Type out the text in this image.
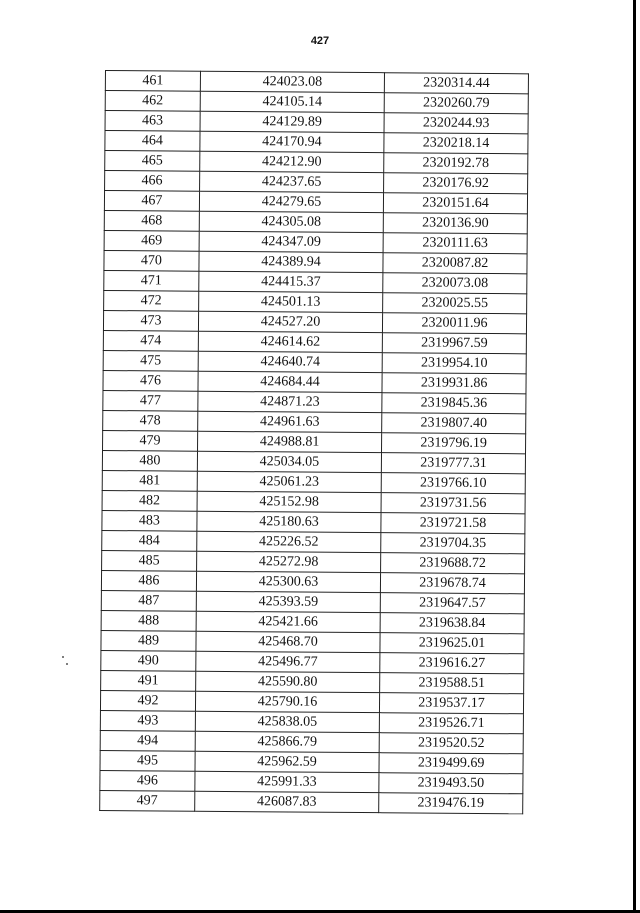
427
461	424023.08	2320314.44
462	424105.14	2320260.79
463	424129.89	2320244.93
464	424170.94	2320218.14
465	424212.90	2320192.78
466	424237.65	2320176.92
467	424279.65	2320151.64
468	424305.08	2320136.90
469	424347.09	2320111.63
470	424389.94	2320087.82
471	424415.37	2320073.08
472	424501.13	2320025.55
473	424527.20	2320011.96
474	424614.62	2319967.59
475	424640.74	2319954.10
476	424684.44	2319931.86
477	424871.23	2319845.36
478	424961.63	2319807.40
479	424988.81	2319796.19
480	425034.05	2319777.31
481	425061.23	2319766.10
482	425152.98	2319731.56
483	425180.63	2319721.58
484	425226.52	2319704.35
485	425272.98	2319688.72
486	425300.63	2319678.74
487	425393.59	2319647.57
488	425421.66	2319638.84
489	425468.70	2319625.01
490	425496.77	2319616.27
491	425590.80	2319588.51
492	425790.16	2319537.17
493	425838.05	2319526.71
494	425866.79	2319520.52
495	425962.59	2319499.69
496	425991.33	2319493.50
497	426087.83	2319476.19
